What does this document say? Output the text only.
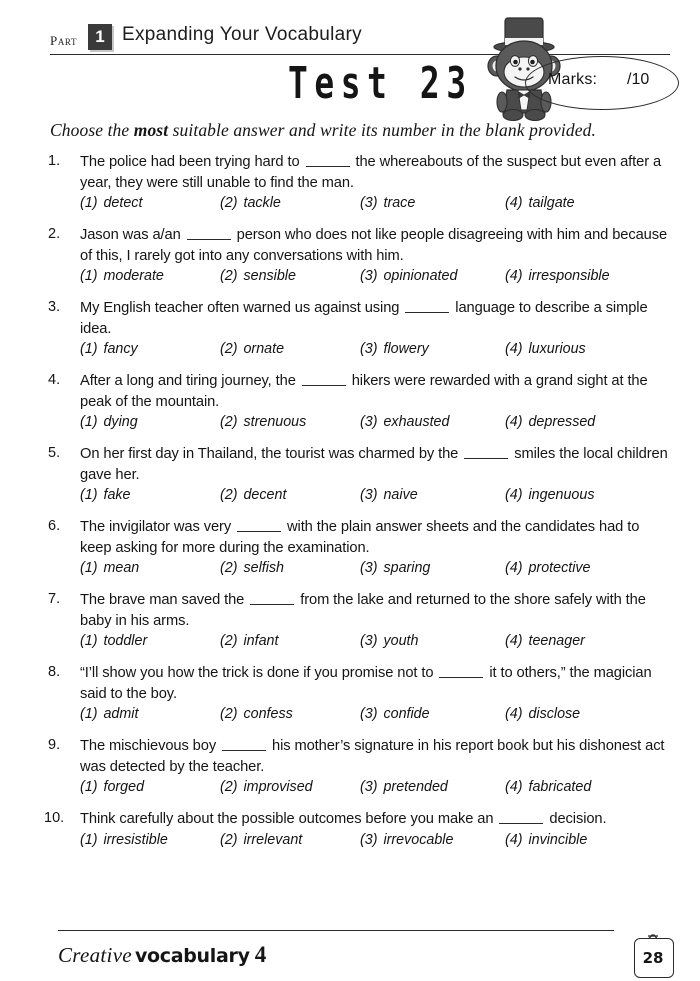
Part	1 Expanding Your Vocabulary
Test 23	Marks: /10
Choose the most suitable answer and write its number in the blank provided.
1.	The police had been trying hard to	the whereabouts of the suspect but even after a year, they were still unable to find the man.
(1) detect	(2) tackle	(3) trace	(4) tailgate
2.	Jason was a/an	person who does not like people disagreeing with him and because of this, I rarely got into any conversations with him.
(1) moderate	(2) sensible	(3) opinionated	(4) irresponsible
3.	My English teacher often warned us against using	language to describe a simple idea.
(1) fancy	(2) ornate	(3) flowery	(4) luxurious
4.	After a long and tiring journey, the	hikers were rewarded with a grand sight at the peak of the mountain.
(1) dying	(2) strenuous	(3) exhausted	(4) depressed
5.	On her first day in Thailand, the tourist was charmed by the	smiles the local children gave her.
(1) fake	(2) decent	(3) naive	(4) ingenuous
6.	The invigilator was very	with the plain answer sheets and the candidates had to keep asking for more during the examination.
(1) mean	(2) selfish	(3) sparing	(4) protective
7.	The brave man saved the	from the lake and returned to the shore safely with the baby in his arms.
(1) toddler	(2) infant	(3) youth	(4) teenager
8.	“I’ll show you how the trick is done if you promise not to	it to others,” the magician said to the boy.
(1) admit	(2) confess	(3) confide	(4) disclose
9.	The mischievous boy	his mother’s signature in his report book but his dishonest act was detected by the teacher.
(1) forged	(2) improvised	(3) pretended	(4) fabricated
10.	Think carefully about the possible outcomes before you make an	decision.
(1) irresistible	(2) irrelevant	(3) irrevocable	(4) invincible
Creative vocabulary 4	28
